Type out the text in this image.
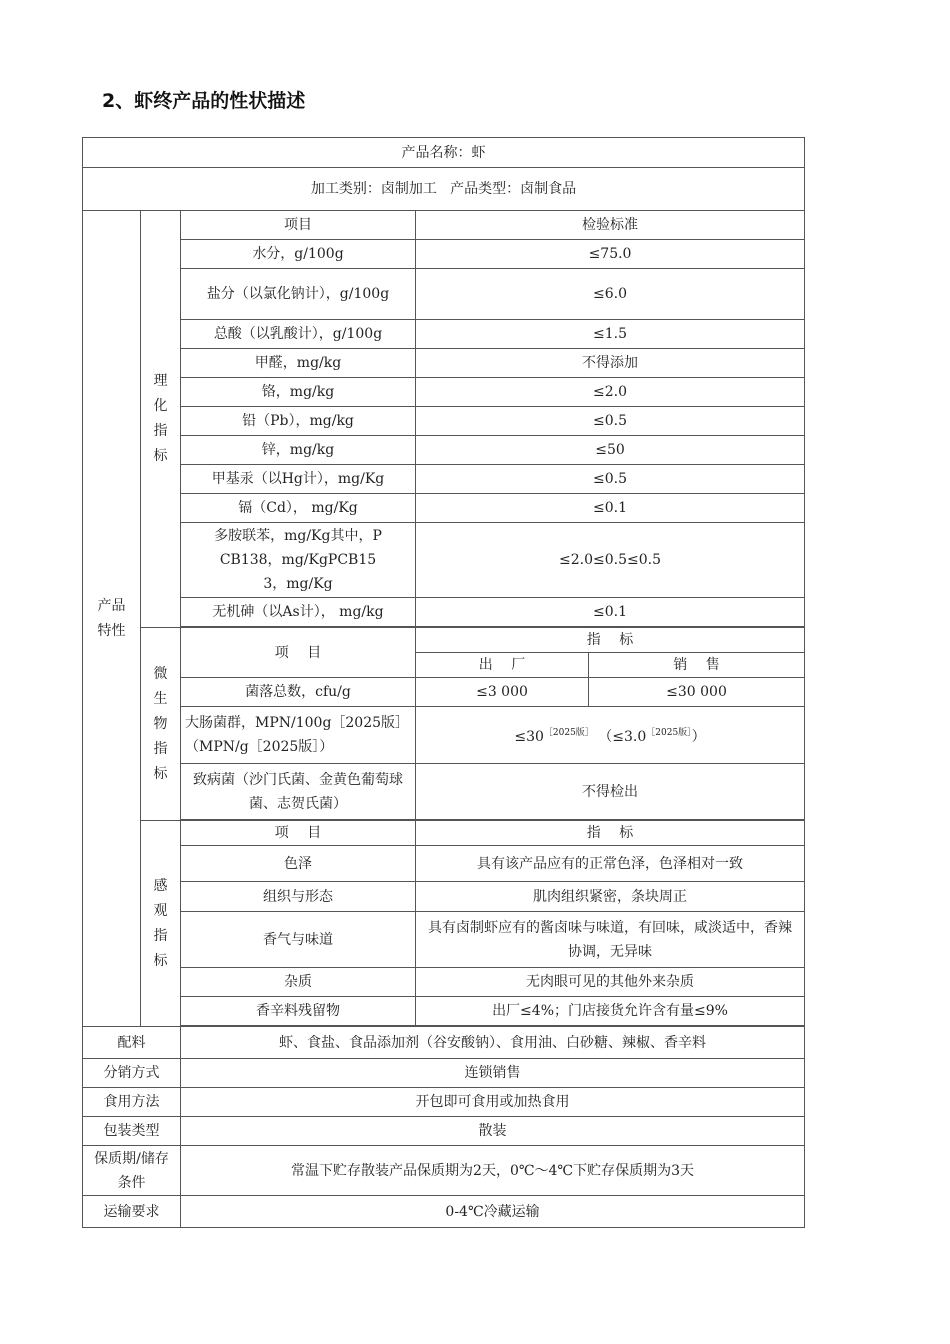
2、虾终产品的性状描述
产品名称：虾				
加工类别：卤制加工   产品类型：卤制食品				

产品特性	理化指标	项目	检验标准	
		水分，g/100g	≤75.0	
		盐分（以氯化钠计），g/100g	≤6.0	
		总酸（以乳酸计），g/100g	≤1.5	
		甲醛，mg/kg	不得添加	
		铬，mg/kg	≤2.0	
		铅（Pb），mg/kg	≤0.5	
		锌，mg/kg	≤50	
		甲基汞（以Hg计），mg/Kg	≤0.5	
		镉（Cd）， mg/Kg	≤0.1	

		多胺联苯，mg/Kg其中，PCB138，mg/KgPCB153，mg/Kg	≤2.0≤0.5≤0.5	
		无机砷（以As计）， mg/kg	≤0.1	

	微生物指标	项 目	指 标	
			出 厂	销 售
		菌落总数，cfu/g	≤3 000	≤30 000

		大肠菌群，MPN/100g［2025版］（MPN/g［2025版］）	$\le 30^{[2025版]}$ $(\le 3.0^{[2025版]})$	

		致病菌（沙门氏菌、金黄色葡萄球菌、志贺氏菌）	不得检出	

	感观指标	项 目	指 标	
		色泽	具有该产品应有的正常色泽，色泽相对一致	
		组织与形态	肌肉组织紧密，条块周正	
		香气与味道	具有卤制虾应有的酱卤味与味道，有回味，咸淡适中，香辣协调，无异味	

		杂质	无肉眼可见的其他外来杂质	
		香辛料残留物	出厂≤4%；门店接货允许含有量≤9%	

配料		虾、食盐、食品添加剂（谷安酸钠）、食用油、白砂糖、辣椒、香辛料		
分销方式		连锁销售		
食用方法		开包即可食用或加热食用		
包装类型		散装		

保质期/储存条件		常温下贮存散装产品保质期为2天，0℃～4℃下贮存保质期为3天		
运输要求		0-4℃冷藏运输		
